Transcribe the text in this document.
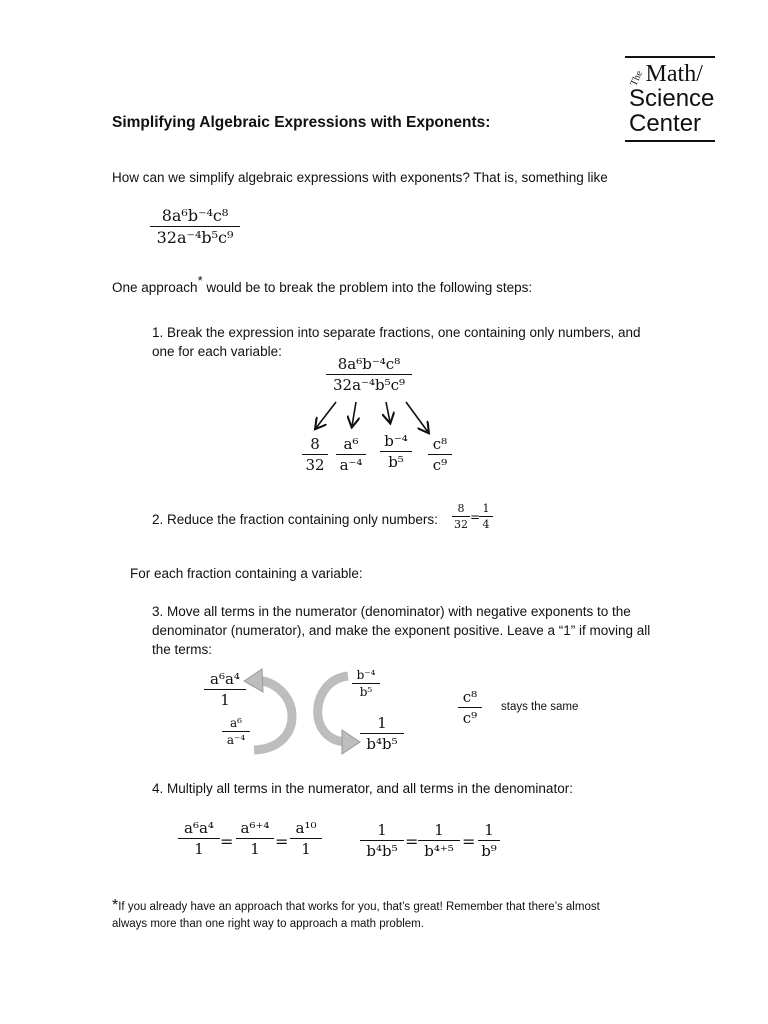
TheMath/
Science
Center
Simplifying Algebraic Expressions with Exponents:
How can we simplify algebraic expressions with exponents? That is, something like
8a⁶b⁻⁴c⁸
32a⁻⁴b⁵c⁹
One approach* would be to break the problem into the following steps:
1. Break the expression into separate fractions, one containing only numbers, and one for each variable:
8a⁶b⁻⁴c⁸
32a⁻⁴b⁵c⁹
8
32
a⁶
a⁻⁴
b⁻⁴
b⁵
c⁸
c⁹
2. Reduce the fraction containing only numbers:
8
32
=
1
4
For each fraction containing a variable:
3. Move all terms in the numerator (denominator) with negative exponents to the denominator (numerator), and make the exponent positive. Leave a “1” if moving all the terms:
a⁶a⁴
1
a⁶
a⁻⁴
b⁻⁴
b⁵
1
b⁴b⁵
c⁸
c⁹
stays the same
4. Multiply all terms in the numerator, and all terms in the denominator:
a⁶a⁴
1	=
a⁶⁺⁴
1 =
a¹⁰
1
1
b⁴b⁵ =
1
b⁴⁺⁵ =
1
b⁹
*If you already have an approach that works for you, that’s great! Remember that there’s almost always more than one right way to approach a math problem.
